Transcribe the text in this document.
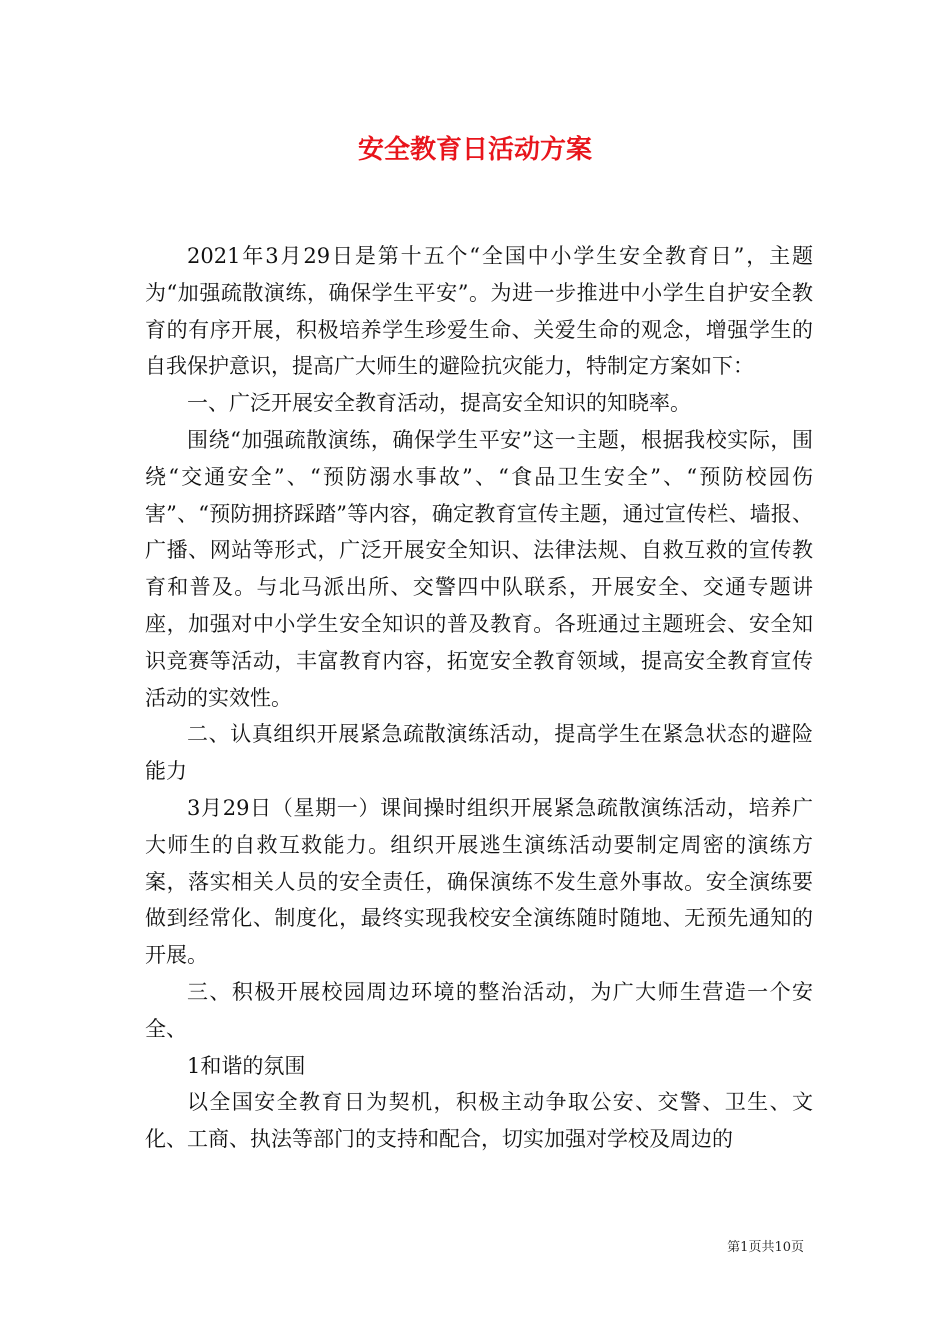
安全教育日活动方案

2021年3月29日是第十五个“全国中小学生安全教育日”，主题为“加强疏散演练，确保学生平安”。为进一步推进中小学生自护安全教育的有序开展，积极培养学生珍爱生命、关爱生命的观念，增强学生的自我保护意识，提高广大师生的避险抗灾能力，特制定方案如下：

一、广泛开展安全教育活动，提高安全知识的知晓率。

围绕“加强疏散演练，确保学生平安”这一主题，根据我校实际，围绕“交通安全”、“预防溺水事故”、“食品卫生安全”、“预防校园伤害”、“预防拥挤踩踏”等内容，确定教育宣传主题，通过宣传栏、墙报、广播、网站等形式，广泛开展安全知识、法律法规、自救互救的宣传教育和普及。与北马派出所、交警四中队联系，开展安全、交通专题讲座，加强对中小学生安全知识的普及教育。各班通过主题班会、安全知识竞赛等活动，丰富教育内容，拓宽安全教育领域，提高安全教育宣传活动的实效性。

二、认真组织开展紧急疏散演练活动，提高学生在紧急状态的避险能力

3月29日（星期一）课间操时组织开展紧急疏散演练活动，培养广大师生的自救互救能力。组织开展逃生演练活动要制定周密的演练方案，落实相关人员的安全责任，确保演练不发生意外事故。安全演练要做到经常化、制度化，最终实现我校安全演练随时随地、无预先通知的开展。

三、积极开展校园周边环境的整治活动，为广大师生营造一个安全、

1和谐的氛围

以全国安全教育日为契机，积极主动争取公安、交警、卫生、文化、工商、执法等部门的支持和配合，切实加强对学校及周边的

第1页共10页
